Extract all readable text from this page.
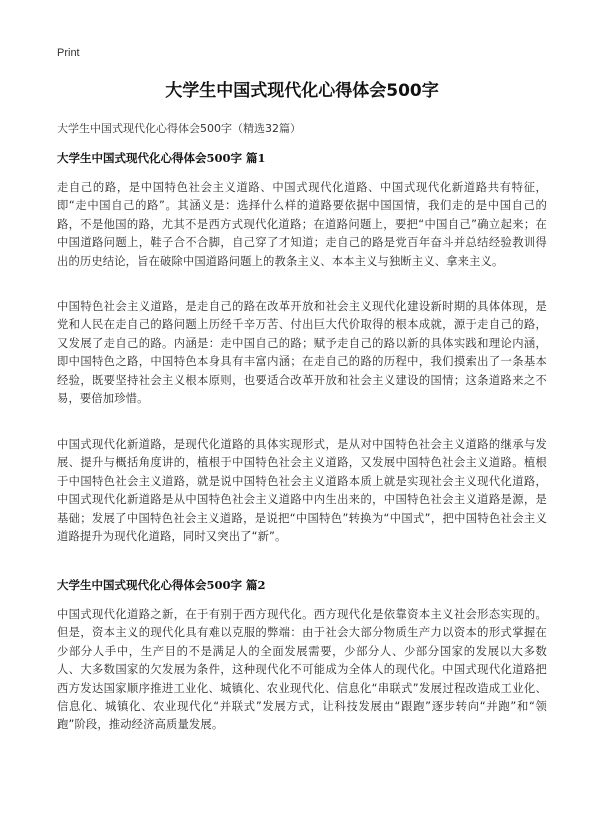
Print
大学生中国式现代化心得体会500字
大学生中国式现代化心得体会500字（精选32篇）
大学生中国式现代化心得体会500字 篇1

走自己的路，是中国特色社会主义道路、中国式现代化道路、中国式现代化新道路共有特征，即“走中国自己的路”。其涵义是：选择什么样的道路要依据中国国情，我们走的是中国自己的路，不是他国的路，尤其不是西方式现代化道路；在道路问题上，要把“中国自己”确立起来；在中国道路问题上，鞋子合不合脚，自己穿了才知道；走自己的路是党百年奋斗并总结经验教训得出的历史结论，旨在破除中国道路问题上的教条主义、本本主义与独断主义、拿来主义。

中国特色社会主义道路，是走自己的路在改革开放和社会主义现代化建设新时期的具体体现，是党和人民在走自己的路问题上历经千辛万苦、付出巨大代价取得的根本成就，源于走自己的路，又发展了走自己的路。内涵是：走中国自己的路；赋予走自己的路以新的具体实践和理论内涵，即中国特色之路，中国特色本身具有丰富内涵；在走自己的路的历程中，我们摸索出了一条基本经验，既要坚持社会主义根本原则，也要适合改革开放和社会主义建设的国情；这条道路来之不易，要倍加珍惜。

中国式现代化新道路，是现代化道路的具体实现形式，是从对中国特色社会主义道路的继承与发展、提升与概括角度讲的，植根于中国特色社会主义道路，又发展中国特色社会主义道路。植根于中国特色社会主义道路，就是说中国特色社会主义道路本质上就是实现社会主义现代化道路，中国式现代化新道路是从中国特色社会主义道路中内生出来的，中国特色社会主义道路是源，是基础；发展了中国特色社会主义道路，是说把“中国特色”转换为“中国式”，把中国特色社会主义道路提升为现代化道路，同时又突出了“新”。

大学生中国式现代化心得体会500字 篇2

中国式现代化道路之新，在于有别于西方现代化。西方现代化是依靠资本主义社会形态实现的。但是，资本主义的现代化具有难以克服的弊端：由于社会大部分物质生产力以资本的形式掌握在少部分人手中，生产目的不是满足人的全面发展需要，少部分人、少部分国家的发展以大多数人、大多数国家的欠发展为条件，这种现代化不可能成为全体人的现代化。中国式现代化道路把西方发达国家顺序推进工业化、城镇化、农业现代化、信息化“串联式”发展过程改造成工业化、信息化、城镇化、农业现代化“并联式”发展方式，让科技发展由“跟跑”逐步转向“并跑”和“领跑”阶段，推动经济高质量发展。
